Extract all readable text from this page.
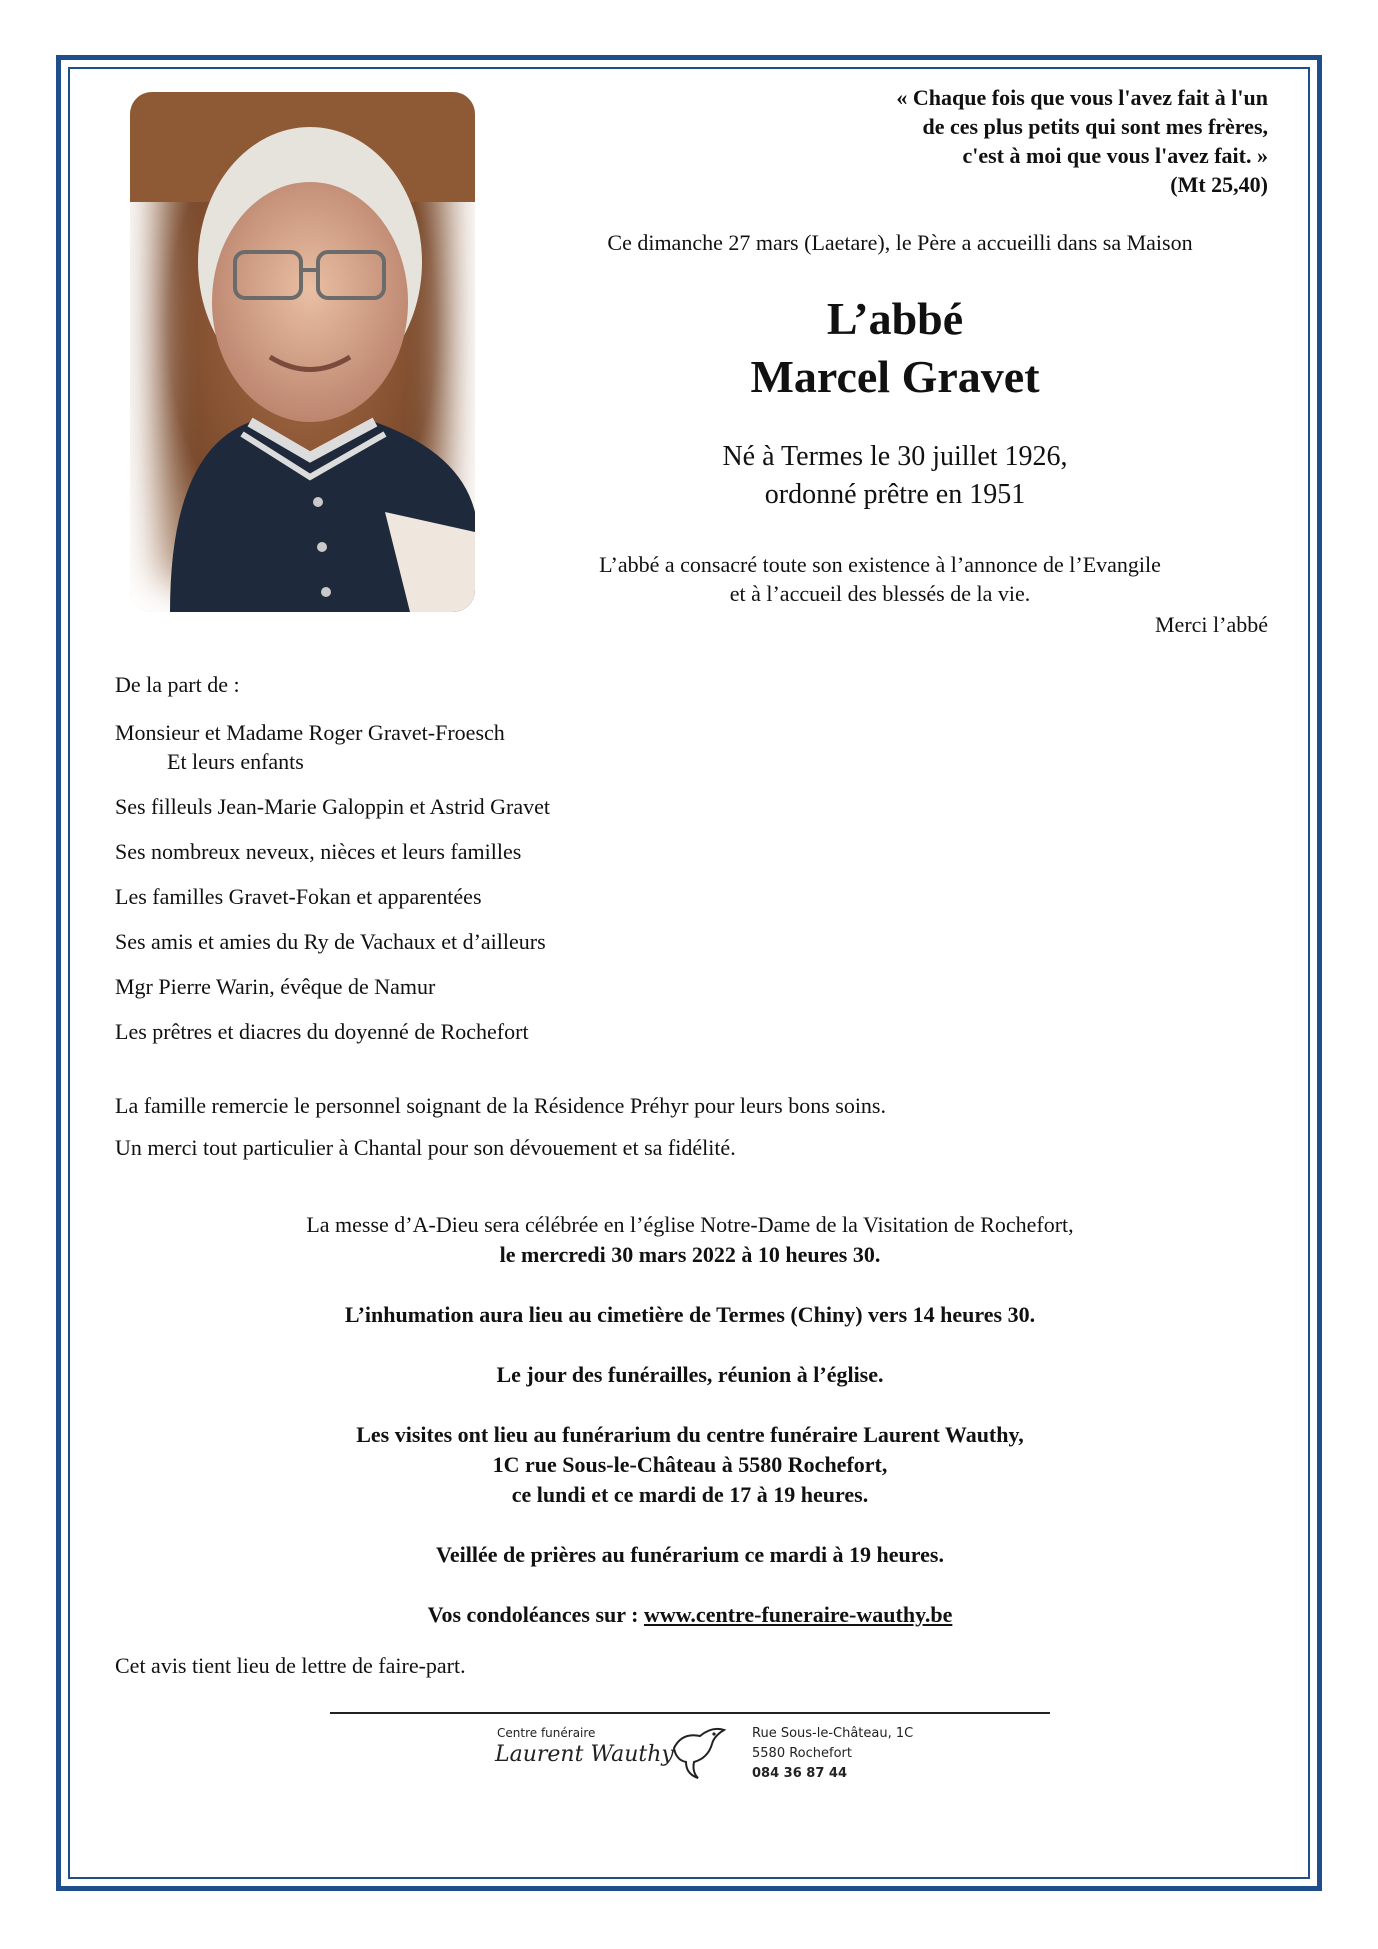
« Chaque fois que vous l'avez fait à l'un
de ces plus petits qui sont mes frères,
c'est à moi que vous l'avez fait. »
(Mt 25,40)
Ce dimanche 27 mars (Laetare), le Père a accueilli dans sa Maison
L’abbé
Marcel Gravet
Né à Termes le 30 juillet 1926,
ordonné prêtre en 1951
L’abbé a consacré toute son existence à l’annonce de l’Evangile
et à l’accueil des blessés de la vie.
Merci l’abbé
De la part de :
Monsieur et Madame Roger Gravet-Froesch
Et leurs enfants
Ses filleuls Jean-Marie Galoppin et Astrid Gravet
Ses nombreux neveux, nièces et leurs familles
Les familles Gravet-Fokan et apparentées
Ses amis et amies du Ry de Vachaux et d’ailleurs
Mgr Pierre Warin, évêque de Namur
Les prêtres et diacres du doyenné de Rochefort
La famille remercie le personnel soignant de la Résidence Préhyr pour leurs bons soins.
Un merci tout particulier à Chantal pour son dévouement et sa fidélité.
La messe d’A-Dieu sera célébrée en l’église Notre-Dame de la Visitation de Rochefort,
le mercredi 30 mars 2022 à 10 heures 30.
L’inhumation aura lieu au cimetière de Termes (Chiny) vers 14 heures 30.
Le jour des funérailles, réunion à l’église.
Les visites ont lieu au funérarium du centre funéraire Laurent Wauthy,
1C rue Sous-le-Château à 5580 Rochefort,
ce lundi et ce mardi de 17 à 19 heures.
Veillée de prières au funérarium ce mardi à 19 heures.
Vos condoléances sur : www.centre-funeraire-wauthy.be
Cet avis tient lieu de lettre de faire-part.
Centre funéraire
Laurent Wauthy
Rue Sous-le-Château, 1C
5580 Rochefort
084 36 87 44
